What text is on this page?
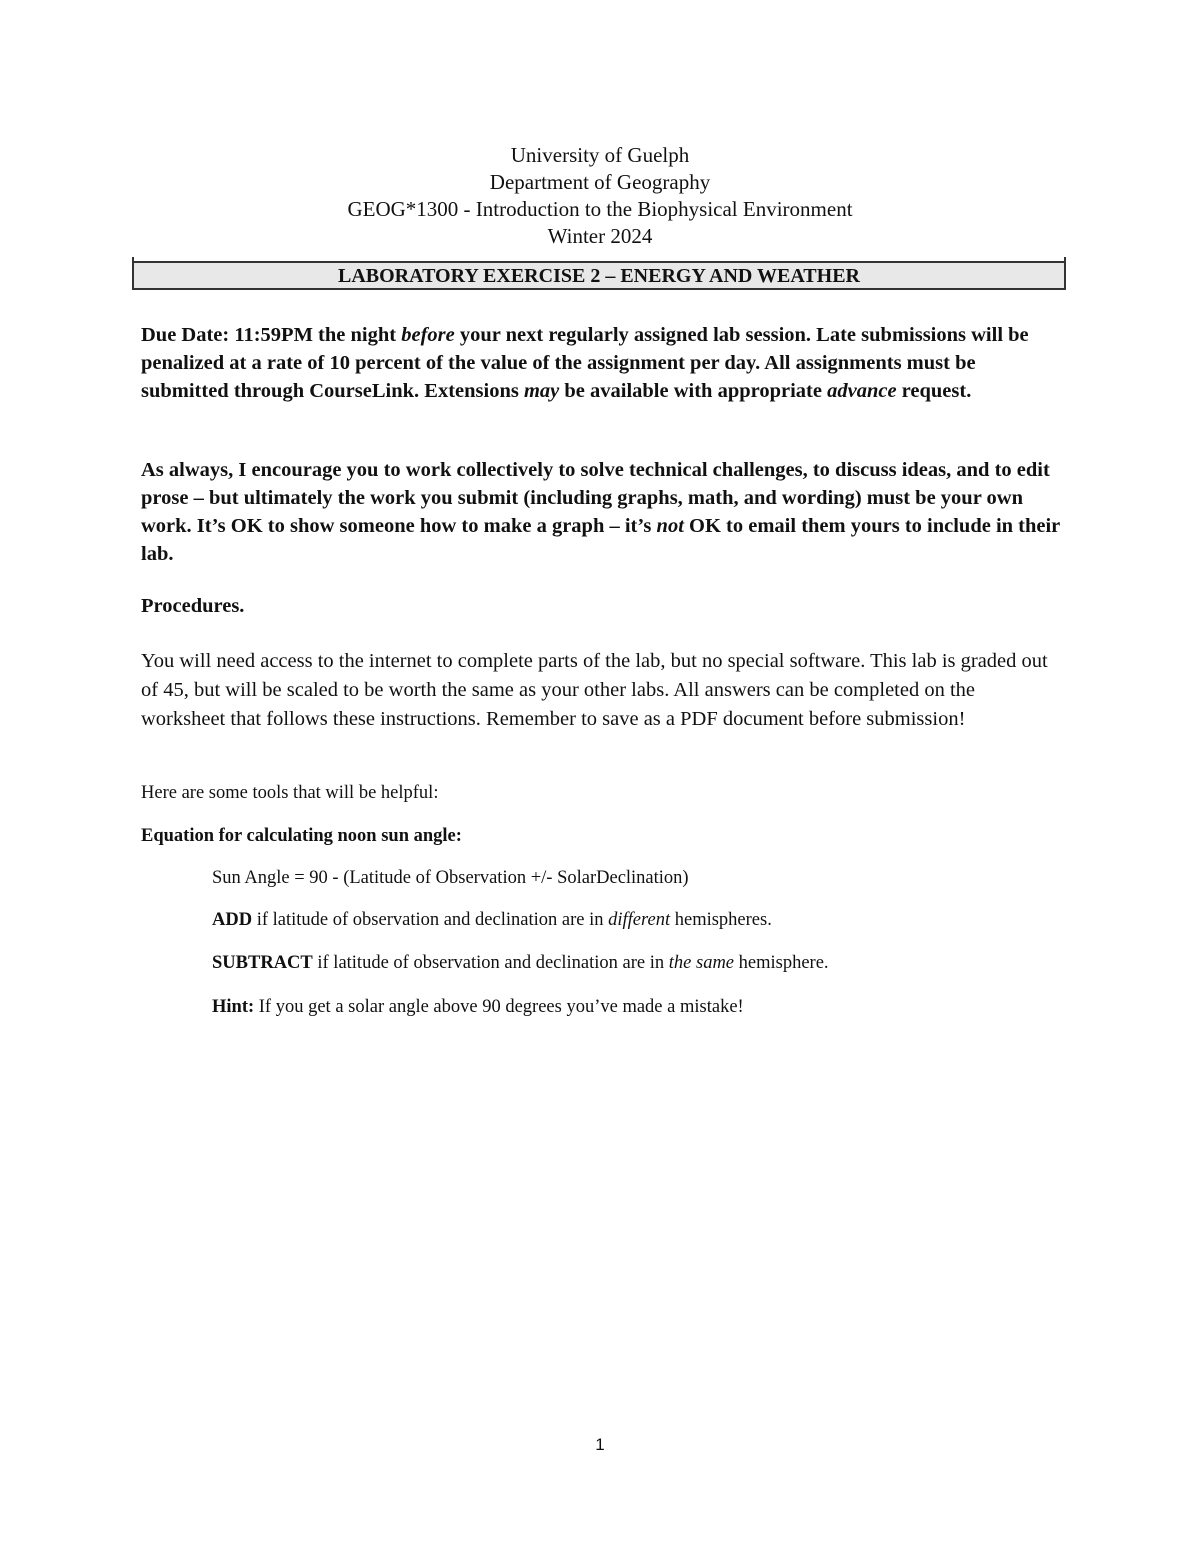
University of Guelph
Department of Geography
GEOG*1300 - Introduction to the Biophysical Environment
Winter 2024
LABORATORY EXERCISE 2 – ENERGY AND WEATHER
Due Date: 11:59PM the night before your next regularly assigned lab session. Late submissions will be penalized at a rate of 10 percent of the value of the assignment per day. All assignments must be submitted through CourseLink. Extensions may be available with appropriate advance request.
As always, I encourage you to work collectively to solve technical challenges, to discuss ideas, and to edit prose – but ultimately the work you submit (including graphs, math, and wording) must be your own work. It’s OK to show someone how to make a graph – it’s not OK to email them yours to include in their lab.
Procedures.
You will need access to the internet to complete parts of the lab, but no special software. This lab is graded out of 45, but will be scaled to be worth the same as your other labs. All answers can be completed on the worksheet that follows these instructions. Remember to save as a PDF document before submission!
Here are some tools that will be helpful:
Equation for calculating noon sun angle:
Sun Angle = 90 - (Latitude of Observation +/- SolarDeclination)
ADD if latitude of observation and declination are in different hemispheres.
SUBTRACT if latitude of observation and declination are in the same hemisphere.
Hint: If you get a solar angle above 90 degrees you’ve made a mistake!
1
